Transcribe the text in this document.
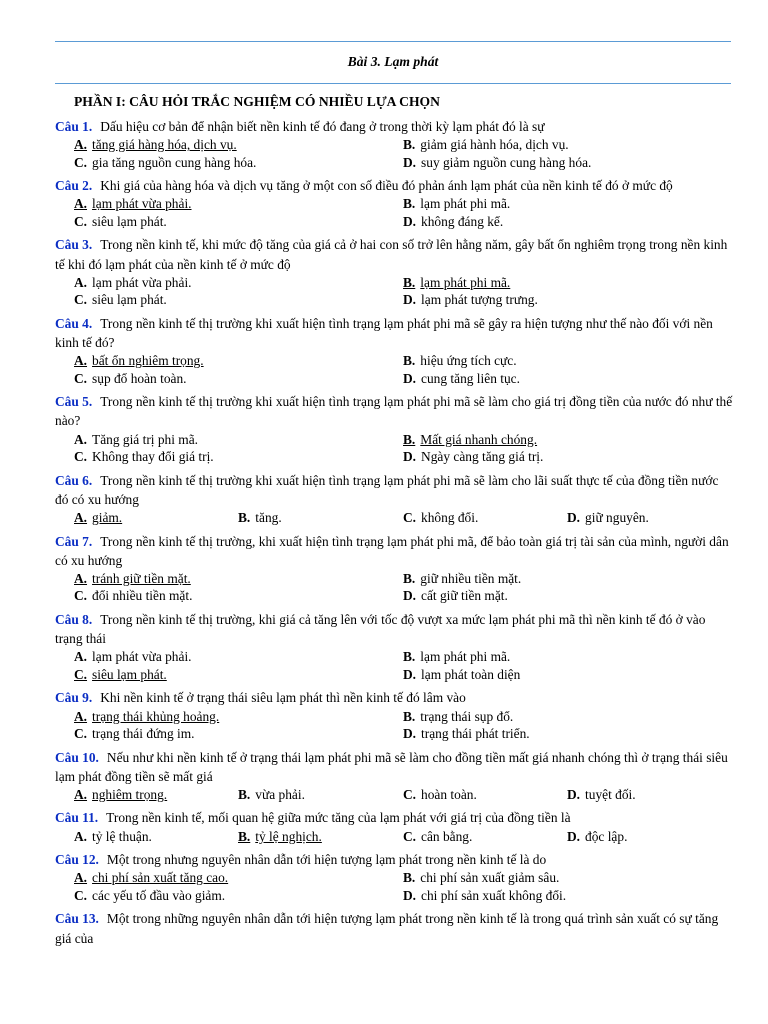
Bài 3. Lạm phát
PHẦN I: CÂU HỎI TRẮC NGHIỆM CÓ NHIỀU LỰA CHỌN
Câu 1. Dấu hiệu cơ bản để nhận biết nền kinh tế đó đang ở trong thời kỳ lạm phát đó là sự
A. tăng giá hàng hóa, dịch vụ.	B. giảm giá hành hóa, dịch vụ.
C. gia tăng nguồn cung hàng hóa.	D. suy giảm nguồn cung hàng hóa.
Câu 2. Khi giá của hàng hóa và dịch vụ tăng ở một con số điều đó phản ánh lạm phát của nền kinh tế đó ở mức độ
A. lạm phát vừa phải.	B. lạm phát phi mã.
C. siêu lạm phát.	D. không đáng kể.
Câu 3. Trong nền kinh tế, khi mức độ tăng của giá cả ở hai con số trở lên hằng năm, gây bất ổn nghiêm trọng trong nền kinh tế khi đó lạm phát của nền kinh tế ở mức độ
A. lạm phát vừa phải.	B. lạm phát phi mã.
C. siêu lạm phát.	D. lạm phát tượng trưng.
Câu 4. Trong nền kinh tế thị trường khi xuất hiện tình trạng lạm phát phi mã sẽ gây ra hiện tượng như thế nào đối với nền kinh tế đó?
A. bất ổn nghiêm trọng.	B. hiệu ứng tích cực.
C. sụp đổ hoàn toàn.	D. cung tăng liên tục.
Câu 5. Trong nền kinh tế thị trường khi xuất hiện tình trạng lạm phát phi mã sẽ làm cho giá trị đồng tiền của nước đó như thế nào?
A. Tăng giá trị phi mã.	B. Mất giá nhanh chóng.
C. Không thay đổi giá trị.	D. Ngày càng tăng giá trị.
Câu 6. Trong nền kinh tế thị trường khi xuất hiện tình trạng lạm phát phi mã sẽ làm cho lãi suất thực tế của đồng tiền nước đó có xu hướng
A. giảm.	B. tăng.	C. không đổi.	D. giữ nguyên.
Câu 7. Trong nền kinh tế thị trường, khi xuất hiện tình trạng lạm phát phi mã, để bảo toàn giá trị tài sản của mình, người dân có xu hướng
A. tránh giữ tiền mặt.	B. giữ nhiều tiền mặt.
C. đổi nhiều tiền mặt.	D. cất giữ tiền mặt.
Câu 8. Trong nền kinh tế thị trường, khi giá cả tăng lên với tốc độ vượt xa mức lạm phát phi mã thì nền kinh tế đó ở vào trạng thái
A. lạm phát vừa phải.	B. lạm phát phi mã.
C. siêu lạm phát.	D. lạm phát toàn diện
Câu 9. Khi nền kinh tế ở trạng thái siêu lạm phát thì nền kinh tế đó lâm vào
A. trạng thái khủng hoảng.	B. trạng thái sụp đổ.
C. trạng thái đứng im.	D. trạng thái phát triển.
Câu 10. Nếu như khi nền kinh tế ở trạng thái lạm phát phi mã sẽ làm cho đồng tiền mất giá nhanh chóng thì ở trạng thái siêu lạm phát đồng tiền sẽ mất giá
A. nghiêm trọng.	B. vừa phải.	C. hoàn toàn.	D. tuyệt đối.
Câu 11. Trong nền kinh tế, mối quan hệ giữa mức tăng của lạm phát với giá trị của đồng tiền là
A. tỷ lệ thuận.	B. tỷ lệ nghịch.	C. cân bằng.	D. độc lập.
Câu 12. Một trong nhưng nguyên nhân dẫn tới hiện tượng lạm phát trong nền kinh tế là do
A. chi phí sản xuất tăng cao.	B. chi phí sản xuất giảm sâu.
C. các yếu tố đầu vào giảm.	D. chi phí sản xuất không đổi.
Câu 13. Một trong những nguyên nhân dẫn tới hiện tượng lạm phát trong nền kinh tế là trong quá trình sản xuất có sự tăng giá của
